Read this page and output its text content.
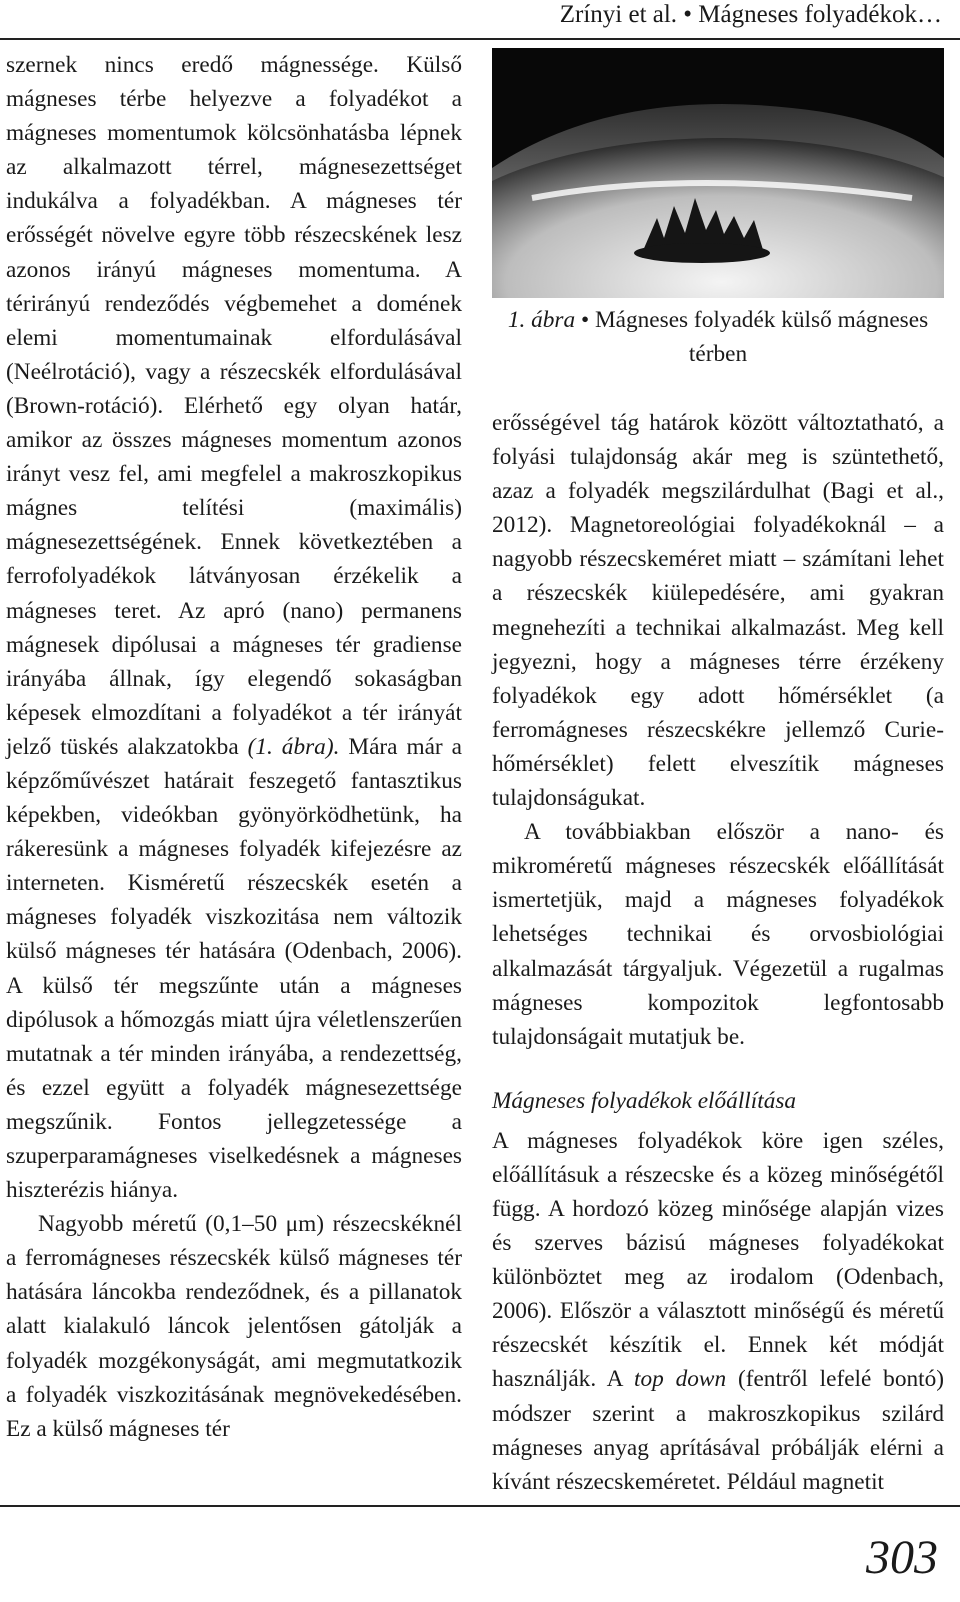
Zrínyi et al. • Mágneses folyadékok…

szernek nincs eredő mágnessége. Külső mágneses térbe helyezve a folyadékot a mágneses momentumok kölcsönhatásba lépnek az alkalmazott térrel, mágnesezettséget indukálva a folyadékban. A mágneses tér erősségét növelve egyre több részecskének lesz azonos irányú mágneses momentuma. A térirányú rendeződés végbemehet a domének elemi momentumainak elfordulásával (Neélrotáció), vagy a részecskék elfordulásával (Brown-rotáció). Elérhető egy olyan határ, amikor az összes mágneses momentum azonos irányt vesz fel, ami megfelel a makroszkopikus mágnes telítési (maximális) mágnesezettségének. Ennek következtében a ferrofolyadékok látványosan érzékelik a mágneses teret. Az apró (nano) permanens mágnesek dipólusai a mágneses tér gradiense irányába állnak, így elegendő sokaságban képesek elmozdítani a folyadékot a tér irányát jelző tüskés alakzatokba (1. ábra). Mára már a képzőművészet határait feszegető fantasztikus képekben, videókban gyönyörködhetünk, ha rákeresünk a mágneses folyadék kifejezésre az interneten. Kisméretű részecskék esetén a mágneses folyadék viszkozitása nem változik külső mágneses tér hatására (Odenbach, 2006). A külső tér megszűnte után a mágneses dipólusok a hőmozgás miatt újra véletlenszerűen mutatnak a tér minden irányába, a rendezettség, és ezzel együtt a folyadék mágnesezettsége megszűnik. Fontos jellegzetessége a szuperparamágneses viselkedésnek a mágneses hiszterézis hiánya.

Nagyobb méretű (0,1–50 μm) részecskéknél a ferromágneses részecskék külső mágneses tér hatására láncokba rendeződnek, és a pillanatok alatt kialakuló láncok jelentősen gátolják a folyadék mozgékonyságát, ami megmutatkozik a folyadék viszkozitásának megnövekedésében. Ez a külső mágneses tér

1. ábra • Mágneses folyadék külső mágneses térben

erősségével tág határok között változtatható, a folyási tulajdonság akár meg is szüntethető, azaz a folyadék megszilárdulhat (Bagi et al., 2012). Magnetoreológiai folyadékoknál – a nagyobb részecskeméret miatt – számítani lehet a részecskék kiülepedésére, ami gyakran megnehezíti a technikai alkalmazást. Meg kell jegyezni, hogy a mágneses térre érzékeny folyadékok egy adott hőmérséklet (a ferromágneses részecskékre jellemző Curie-hőmérséklet) felett elveszítik mágneses tulajdonságukat.

A továbbiakban először a nano- és mikroméretű mágneses részecskék előállítását ismertetjük, majd a mágneses folyadékok lehetséges technikai és orvosbiológiai alkalmazását tárgyaljuk. Végezetül a rugalmas mágneses kompozitok legfontosabb tulajdonságait mutatjuk be.

Mágneses folyadékok előállítása

A mágneses folyadékok köre igen széles, előállításuk a részecske és a közeg minőségétől függ. A hordozó közeg minősége alapján vizes és szerves bázisú mágneses folyadékokat különböztet meg az irodalom (Odenbach, 2006). Először a választott minőségű és méretű részecskét készítik el. Ennek két módját használják. A top down (fentről lefelé bontó) módszer szerint a makroszkopikus szilárd mágneses anyag aprításával próbálják elérni a kívánt részecskeméretet. Például magnetit

303
